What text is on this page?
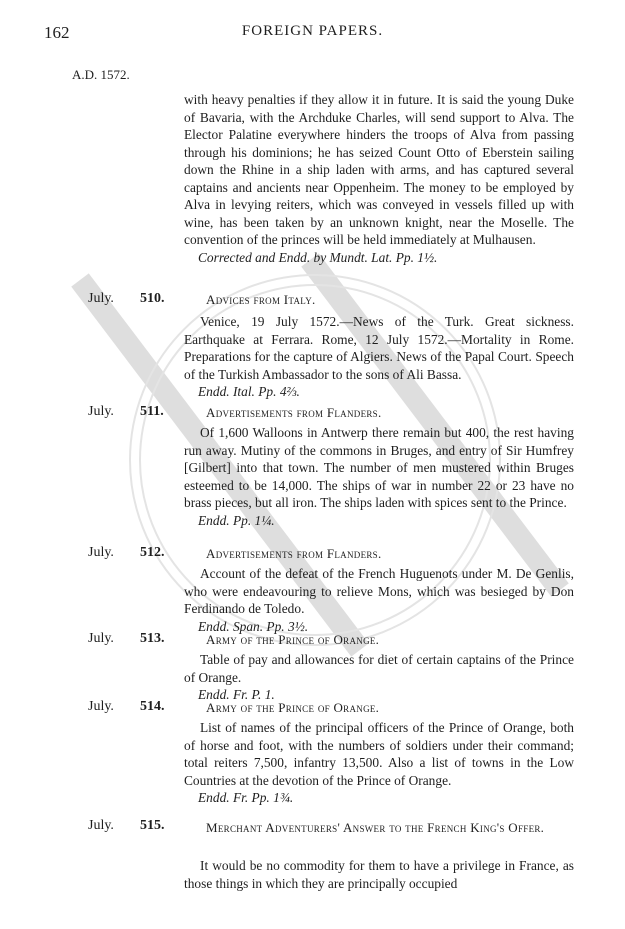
162	FOREIGN PAPERS.
A.D. 1572.

with heavy penalties if they allow it in future. It is said the young Duke of Bavaria, with the Archduke Charles, will send support to Alva. The Elector Palatine everywhere hinders the troops of Alva from passing through his dominions; he has seized Count Otto of Eberstein sailing down the Rhine in a ship laden with arms, and has captured several captains and ancients near Oppenheim. The money to be employed by Alva in levying reiters, which was conveyed in vessels filled up with wine, has been taken by an unknown knight, near the Moselle. The convention of the princes will be held immediately at Mulhausen.

Corrected and Endd. by Mundt. Lat. Pp. 1½.

July. 510.	Advices from Italy.

Venice, 19 July 1572.—News of the Turk. Great sickness. Earthquake at Ferrara. Rome, 12 July 1572.—Mortality in Rome. Preparations for the capture of Algiers. News of the Papal Court. Speech of the Turkish Ambassador to the sons of Ali Bassa.

Endd. Ital. Pp. 4⅔.

July. 511.	Advertisements from Flanders.

Of 1,600 Walloons in Antwerp there remain but 400, the rest having run away. Mutiny of the commons in Bruges, and entry of Sir Humfrey [Gilbert] into that town. The number of men mustered within Bruges esteemed to be 14,000. The ships of war in number 22 or 23 have no brass pieces, but all iron. The ships laden with spices sent to the Prince.

Endd. Pp. 1¼.

July. 512.	Advertisements from Flanders.

Account of the defeat of the French Huguenots under M. De Genlis, who were endeavouring to relieve Mons, which was besieged by Don Ferdinando de Toledo.

Endd. Span. Pp. 3½.

July. 513.	Army of the Prince of Orange.

Table of pay and allowances for diet of certain captains of the Prince of Orange.

Endd. Fr. P. 1.

July. 514.	Army of the Prince of Orange.

List of names of the principal officers of the Prince of Orange, both of horse and foot, with the numbers of soldiers under their command; total reiters 7,500, infantry 13,500. Also a list of towns in the Low Countries at the devotion of the Prince of Orange.

Endd. Fr. Pp. 1¾.

July. 515.	Merchant Adventurers' Answer to the French King's Offer.

It would be no commodity for them to have a privilege in France, as those things in which they are principally occupied
